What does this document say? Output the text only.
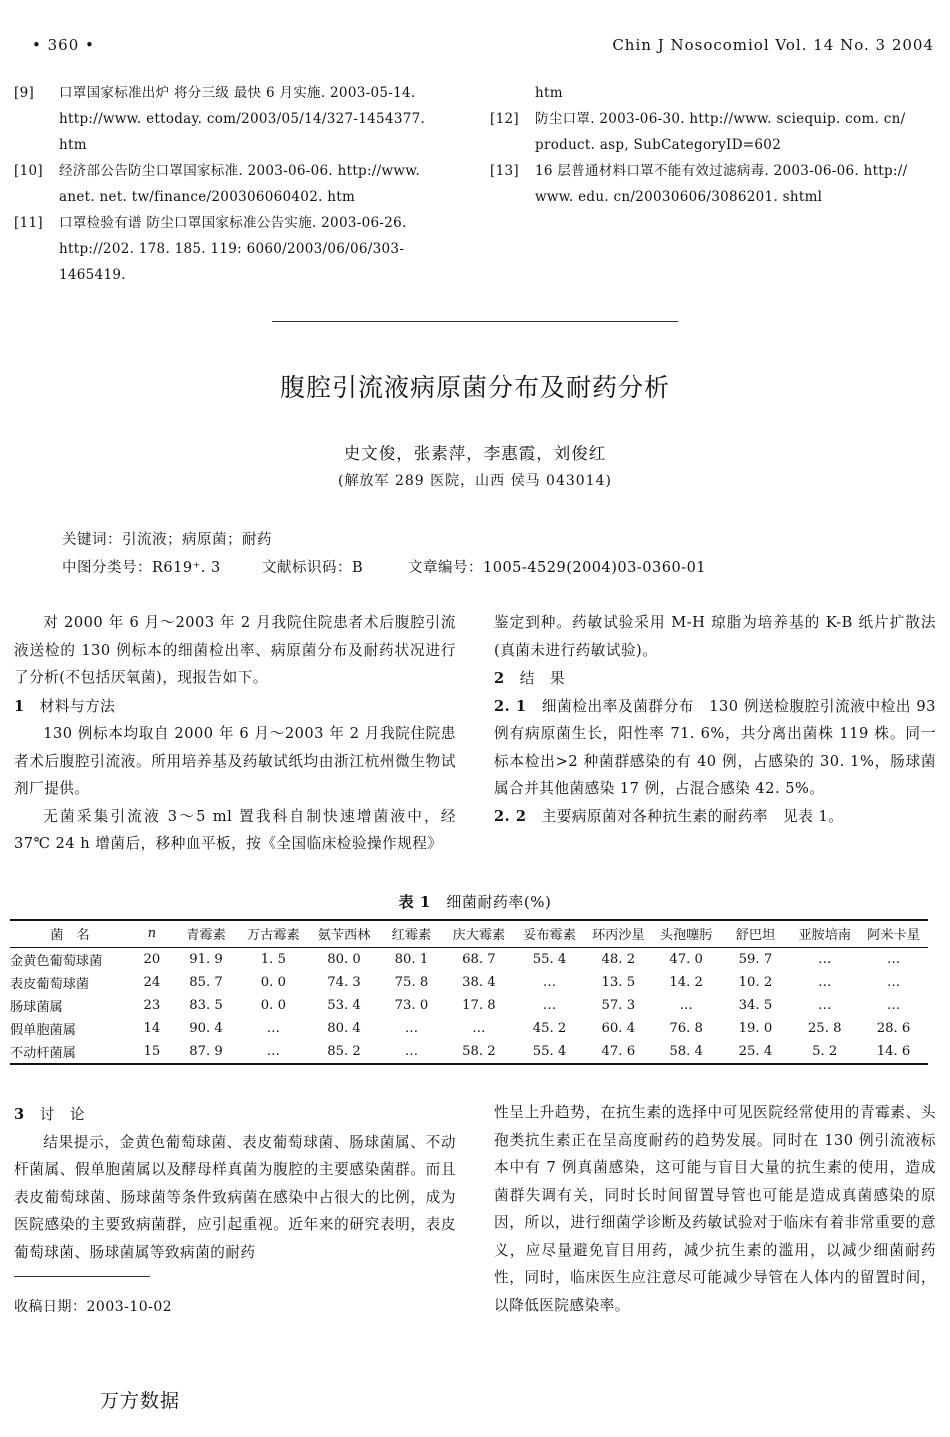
• 360 •	Chin J Nosocomiol Vol. 14 No. 3 2004
[9] 口罩国家标准出炉 将分三级 最快 6 月实施. 2003-05-14. http://www. ettoday. com/2003/05/14/327-1454377. htm
[10] 经济部公告防尘口罩国家标准. 2003-06-06. http://www. anet. net. tw/finance/200306060402. htm
[11] 口罩检验有谱 防尘口罩国家标准公告实施. 2003-06-26. http://202. 178. 185. 119: 6060/2003/06/06/303-1465419.
htm
[12] 防尘口罩. 2003-06-30. http://www. sciequip. com. cn/ product. asp, SubCategoryID=602
[13] 16 层普通材料口罩不能有效过滤病毒. 2003-06-06. http:// www. edu. cn/20030606/3086201. shtml
腹腔引流液病原菌分布及耐药分析
史文俊，张素萍，李惠霞，刘俊红
(解放军 289 医院，山西 侯马 043014)
关键词：引流液；病原菌；耐药
中图分类号：R619⁺. 3	文献标识码：B	文章编号：1005-4529(2004)03-0360-01

对 2000 年 6 月～2003 年 2 月我院住院患者术后腹腔引流液送检的 130 例标本的细菌检出率、病原菌分布及耐药状况进行了分析(不包括厌氧菌)，现报告如下。

1　 材料与方法

130 例标本均取自 2000 年 6 月～2003 年 2 月我院住院患者术后腹腔引流液。所用培养基及药敏试纸均由浙江杭州微生物试剂厂提供。

无菌采集引流液 3～5 ml 置我科自制快速增菌液中，经 37℃ 24 h 增菌后，移种血平板，按《全国临床检验操作规程》

鉴定到种。药敏试验采用 M-H 琼脂为培养基的 K-B 纸片扩散法(真菌未进行药敏试验)。

2　 结　果

2. 1　 细菌检出率及菌群分布　 130 例送检腹腔引流液中检出 93 例有病原菌生长，阳性率 71. 6%，共分离出菌株 119 株。同一标本检出>2 种菌群感染的有 40 例，占感染的 30. 1%，肠球菌属合并其他菌感染 17 例，占混合感染 42. 5%。

2. 2　 主要病原菌对各种抗生素的耐药率　 见表 1。

表 1　 细菌耐药率(%)
菌　名	n	青霉素	万古霉素	氨苄西林	红霉素	庆大霉素	妥布霉素	环丙沙星	头孢噻肟	舒巴坦	亚胺培南	阿米卡星
金黄色葡萄球菌	20	91. 9	1. 5	80. 0	80. 1	68. 7	55. 4	48. 2	47. 0	59. 7	…	…
表皮葡萄球菌	24	85. 7	0. 0	74. 3	75. 8	38. 4	…	13. 5	14. 2	10. 2	…	…
肠球菌属	23	83. 5	0. 0	53. 4	73. 0	17. 8	…	57. 3	…	34. 5	…	…
假单胞菌属	14	90. 4	…	80. 4	…	…	45. 2	60. 4	76. 8	19. 0	25. 8	28. 6
不动杆菌属	15	87. 9	…	85. 2	…	58. 2	55. 4	47. 6	58. 4	25. 4	5. 2	14. 6

3　 讨　论

结果提示，金黄色葡萄球菌、表皮葡萄球菌、肠球菌属、不动杆菌属、假单胞菌属以及酵母样真菌为腹腔的主要感染菌群。而且表皮葡萄球菌、肠球菌等条件致病菌在感染中占很大的比例，成为医院感染的主要致病菌群，应引起重视。近年来的研究表明，表皮葡萄球菌、肠球菌属等致病菌的耐药

性呈上升趋势，在抗生素的选择中可见医院经常使用的青霉素、头孢类抗生素正在呈高度耐药的趋势发展。同时在 130 例引流液标本中有 7 例真菌感染，这可能与盲目大量的抗生素的使用，造成菌群失调有关，同时长时间留置导管也可能是造成真菌感染的原因，所以，进行细菌学诊断及药敏试验对于临床有着非常重要的意义，应尽量避免盲目用药，减少抗生素的滥用，以减少细菌耐药性，同时，临床医生应注意尽可能减少导管在人体内的留置时间，以降低医院感染率。

收稿日期：2003-10-02
万方数据
